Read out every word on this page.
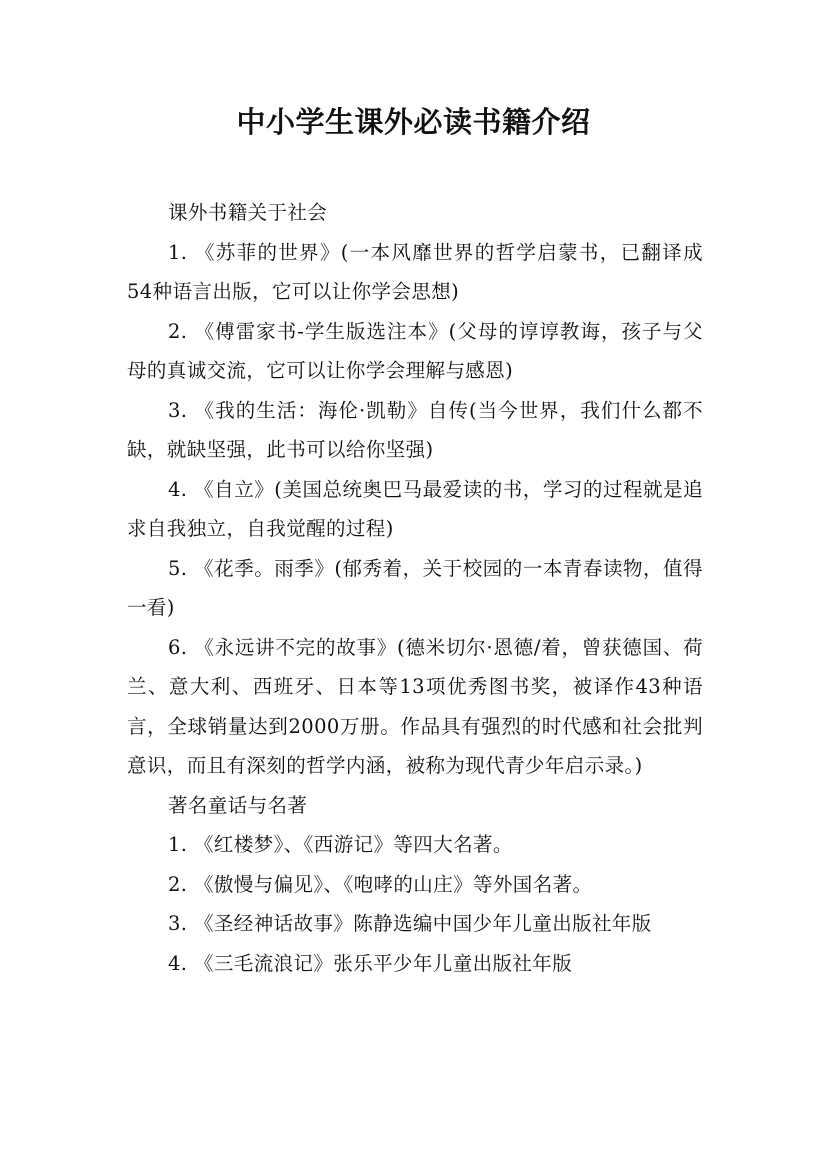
中小学生课外必读书籍介绍

课外书籍关于社会

1. 《苏菲的世界》(一本风靡世界的哲学启蒙书，已翻译成54种语言出版，它可以让你学会思想)

2. 《傅雷家书-学生版选注本》(父母的谆谆教诲，孩子与父母的真诚交流，它可以让你学会理解与感恩)

3. 《我的生活：海伦·凯勒》自传(当今世界，我们什么都不缺，就缺坚强，此书可以给你坚强)

4. 《自立》(美国总统奥巴马最爱读的书，学习的过程就是追求自我独立，自我觉醒的过程)

5. 《花季。雨季》(郁秀着，关于校园的一本青春读物，值得一看)

6. 《永远讲不完的故事》(德米切尔·恩德/着，曾获德国、荷兰、意大利、西班牙、日本等13项优秀图书奖，被译作43种语言，全球销量达到2000万册。作品具有强烈的时代感和社会批判意识，而且有深刻的哲学内涵，被称为现代青少年启示录。)

著名童话与名著

1. 《红楼梦》、《西游记》等四大名著。

2. 《傲慢与偏见》、《咆哮的山庄》等外国名著。

3. 《圣经神话故事》陈静选编中国少年儿童出版社年版

4. 《三毛流浪记》张乐平少年儿童出版社年版
